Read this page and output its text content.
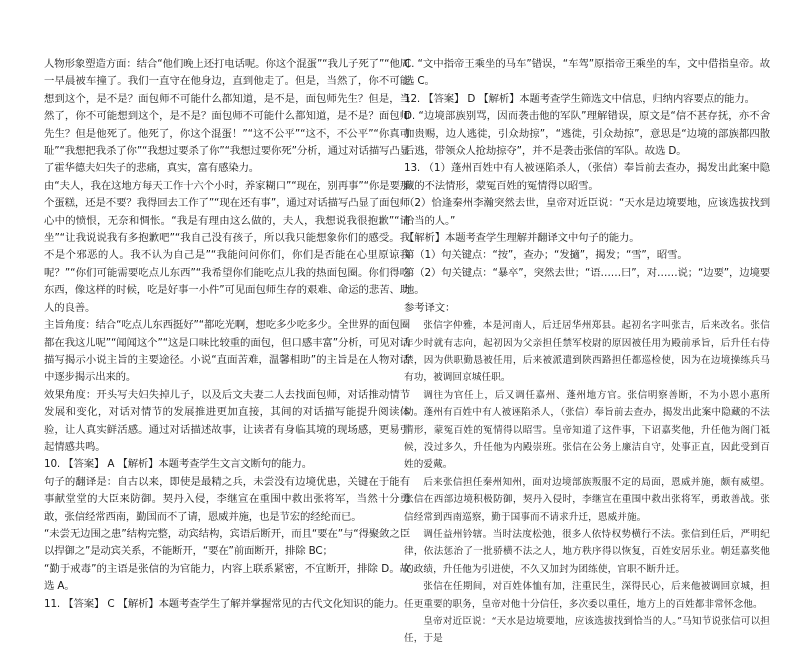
人物形象塑造方面：结合“他们晚上还打电话呢。你这个混蛋”“我儿子死了”“他周一早晨被车撞了。我们一直守在他身边，直到他走了。但是，当然了，你不可能想到这个，是不是？面包师不可能什么都知道，是不是，面包师先生？但是，当然了，你不可能想到这个，是不是？面包师不可能什么都知道，是不是？面包师先生？但是他死了。他死了，你这个混蛋！”“这不公平”“这不，不公平”“你真可耻”“我想把我杀了你”“我想过要杀了你”“我想过要你死”分析，通过对话描写凸显了霍华德夫妇失子的悲痛，真实，富有感染力。

由“夫人，我在这地方每天工作十六个小时，养家糊口”“现在，别再事”“你是要那个蛋糕，还是不要？我得回去工作了”“现在还有事”，通过对话描写凸显了面包师心中的愤恨，无奈和惆怅。“我是有理由这么做的，夫人，我想说我很抱歉”“请坐”“让我说说我有多抱歉吧”“我自己没有孩子，所以我只能想象你们的感受。我不是个邪恶的人。我不认为自己是”“我能问问你们，你们是否能在心里原谅我呢？”“你们可能需要吃点儿东西”“我希望你们能吃点儿我的热面包圈。你们得吃东西，像这样的时候，吃是好事一小件”可见面包师生存的艰难、命运的悲苦、助人的良善。

主旨角度：结合“吃点儿东西挺好”“都吃光啊，想吃多少吃多少。全世界的面包圈都在我这儿呢”“闻闻这个”“这是口味比较重的面包，但口感丰富”分析，可见对话描写揭示小说主旨的主要途径。小说“直面苦难，温馨相助”的主旨是在人物对话中逐步揭示出来的。

效果角度：开头写夫妇失掉儿子，以及后文夫妻二人去找面包师，对话推动情节发展和变化，对话对情节的发展推进更加直接，其间的对话描写能提升阅读体验，让人真实鲜活感。通过对话描述故事，让读者有身临其境的现场感，更易引起情感共鸣。

10. 【答案】 A 【解析】本题考查学生文言文断句的能力。

句子的翻译是：自古以来，即使是最精之兵，未尝没有边境优患，关键在于能有事献堂堂的大臣来防御。契丹入侵，李继宣在重围中救出张将军，当然十分勇敢，张信经常西南，勤国而不了请，恩威并施，也是节宏的经纶而已。

“未尝无边围之患”结构完整，动宾结构，宾语后断开，而且“要在”与“得聚敛之臣以捍御之”是动宾关系，不能断开，“要在”前面断开，排除 BC；

“勤于戒毒”的主语是张信的为官能力，内容上联系紧密，不宜断开，排除 D。故选 A。

11. 【答案】 C 【解析】本题考查学生了解并掌握常见的古代文化知识的能力。

C. “文中指帝王乘坐的马车”错误，“车驾”原指帝王乘坐的车，文中借指皇帝。故选 C。

12. 【答案】 D 【解析】本题考查学生筛选文中信息，归纳内容要点的能力。

D. “边境部族别骂，因而袭击他的军队”理解错误，原文是“信不甚存抚，亦不舍加贵赐，边人逃徙，引众劫掠”，“逃徙，引众劫掠”，意思是“边境的部族都四散后逃，带领众人抢劫掠夺”，并不是袭击张信的军队。故选 D。

13. （1）蓬州百姓中有人被诬陷杀人，（张信）奉旨前去查办，揭发出此案中隐藏的不法情形，蒙冤百姓的冤情得以昭雪。

（2）恰逢秦州李瀚突然去世，皇帝对近臣说：“天水是边境要地，应该选拔找到恰当的人。”

【解析】本题考查学生理解并翻译文中句子的能力。

第（1）句关键点：“按”，查办；“发擿”，揭发；“雪”，昭雪。

第（2）句关键点：“暴卒”，突然去世；“语……曰”，对……说；“边要”，边境要地。

参考译文：

张信字仲雅，本是河南人，后迁居华州郑县。起初名字叫张吉，后来改名。张信年少时就有志向，起初因为父亲担任禁军校尉的原因被任用为殿前承旨，后升任右侍禁，因为供职勤恳被任用，后来被派遣到陕西路担任都巡检使，因为在边境操练兵马有功，被调回京城任职。

调往为官任上，后又调任嘉州、蓬州地方官。张信明察善断，不为小恩小惠所动。蓬州有百姓中有人被诬陷杀人，（张信）奉旨前去查办，揭发出此案中隐藏的不法情形，蒙冤百姓的冤情得以昭雪。皇帝知道了这件事，下诏嘉奖他，升任他为阁门祗候，没过多久，升任他为内殿崇班。张信在公务上廉洁自守，处事正直，因此受到百姓的爱戴。

后来张信担任秦州知州，面对边境部族叛服不定的局面，恩威并施，颇有威望。张信在西部边境积极防御，契丹入侵时，李继宣在重围中救出张将军，勇敢善战。张信经常到西南巡察，勤于国事而不请求升迁，恩威并施。

调任益州钤辖。当时法度松弛，很多人依恃权势横行不法。张信到任后，严明纪律，依法惩治了一批骄横不法之人，地方秩序得以恢复，百姓安居乐业。朝廷嘉奖他的政绩，升任他为引进使，不久又加封为团练使，官职不断升迁。

张信在任期间，对百姓体恤有加，注重民生，深得民心，后来他被调回京城，担任更重要的职务，皇帝对他十分信任，多次委以重任，地方上的百姓都非常怀念他。

皇帝对近臣说：“天水是边境要地，应该选拔找到恰当的人。”马知节说张信可以担任，于是
